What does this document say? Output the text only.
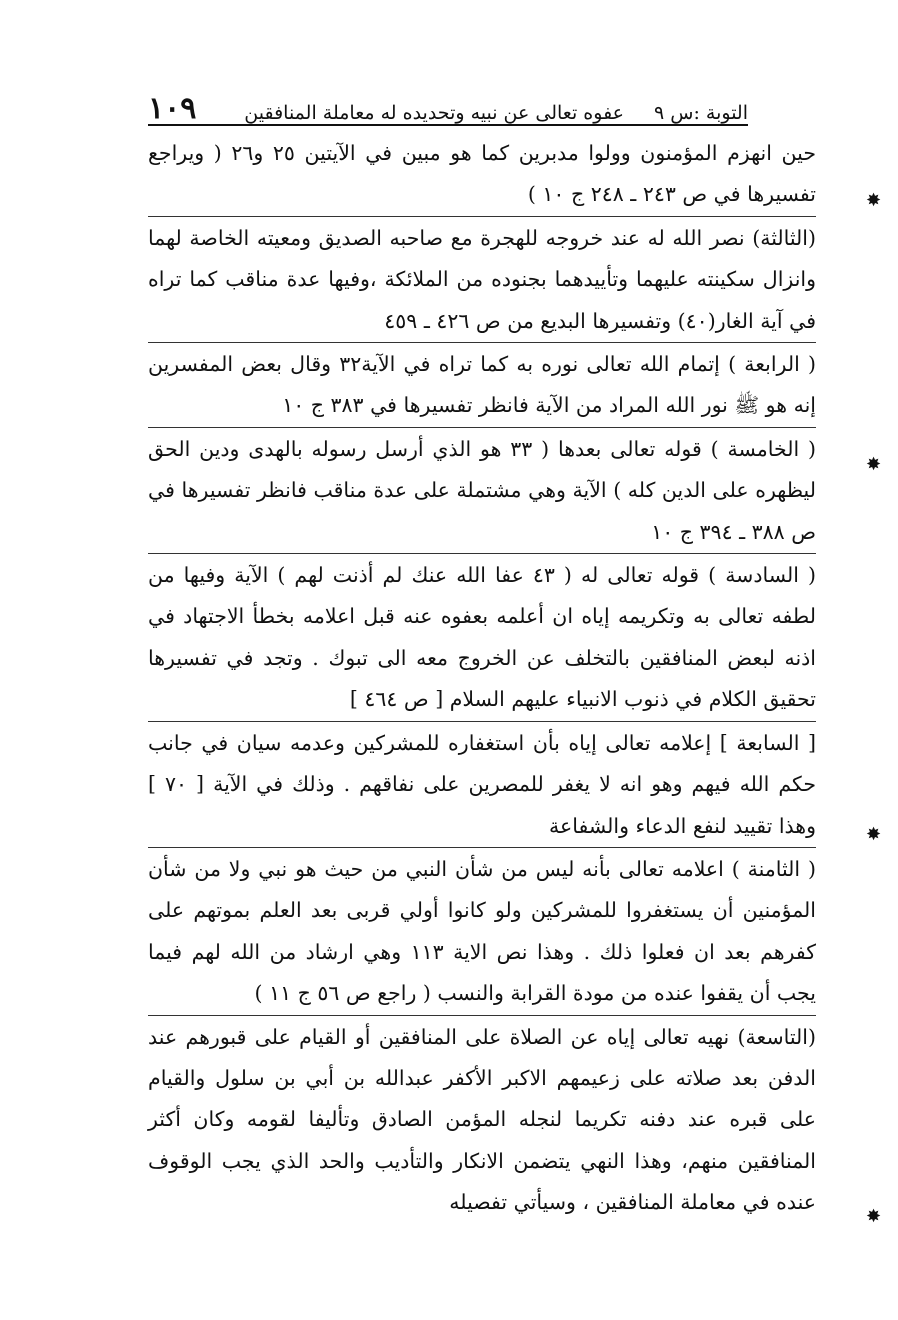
التوبة :س ٩
عفوه تعالى عن نبيه وتحديده له معاملة المنافقين
١٠٩

حين انهزم المؤمنون وولوا مدبرين كما هو مبين في الآيتين ٢٥ و٢٦ ( ويراجع تفسيرها في ص ٢٤٣ ـ ٢٤٨ ج ١٠ )

(الثالثة) نصر الله له عند خروجه للهجرة مع صاحبه الصديق ومعيته الخاصة لهما وانزال سكينته عليهما وتأييدهما بجنوده من الملائكة ،وفيها عدة مناقب كما تراه في آية الغار(٤٠) وتفسيرها البديع من ص ٤٢٦ ـ ٤٥٩

( الرابعة ) إتمام الله تعالى نوره به كما تراه في الآية٣٢ وقال بعض المفسرين إنه هو ﷺ نور الله المراد من الآية فانظر تفسيرها في ٣٨٣ ج ١٠

( الخامسة ) قوله تعالى بعدها ( ٣٣ هو الذي أرسل رسوله بالهدى ودين الحق ليظهره على الدين كله ) الآية وهي مشتملة على عدة مناقب فانظر تفسيرها في ص ٣٨٨ ـ ٣٩٤ ج ١٠

( السادسة ) قوله تعالى له ( ٤٣ عفا الله عنك لم أذنت لهم ) الآية وفيها من لطفه تعالى به وتكريمه إياه ان أعلمه بعفوه عنه قبل اعلامه بخطأ الاجتهاد في اذنه لبعض المنافقين بالتخلف عن الخروج معه الى تبوك . وتجد في تفسيرها تحقيق الكلام في ذنوب الانبياء عليهم السلام [ ص ٤٦٤ ]

[ السابعة ] إعلامه تعالى إياه بأن استغفاره للمشركين وعدمه سيان في جانب حكم الله فيهم وهو انه لا يغفر للمصرين على نفاقهم . وذلك في الآية [ ٧٠ ] وهذا تقييد لنفع الدعاء والشفاعة

( الثامنة ) اعلامه تعالى بأنه ليس من شأن النبي من حيث هو نبي ولا من شأن المؤمنين أن يستغفروا للمشركين ولو كانوا أولي قربى بعد العلم بموتهم على كفرهم بعد ان فعلوا ذلك . وهذا نص الاية ١١٣ وهي ارشاد من الله لهم فيما يجب أن يقفوا عنده من مودة القرابة والنسب ( راجع ص ٥٦ ج ١١ )

(التاسعة) نهيه تعالى إياه عن الصلاة على المنافقين أو القيام على قبورهم عند الدفن بعد صلاته على زعيمهم الاكبر الأكفر عبدالله بن أبي بن سلول والقيام على قبره عند دفنه تكريما لنجله المؤمن الصادق وتأليفا لقومه وكان أكثر المنافقين منهم، وهذا النهي يتضمن الانكار والتأديب والحد الذي يجب الوقوف عنده في معاملة المنافقين ، وسيأتي تفصيله

✸
✸
✸
✸
